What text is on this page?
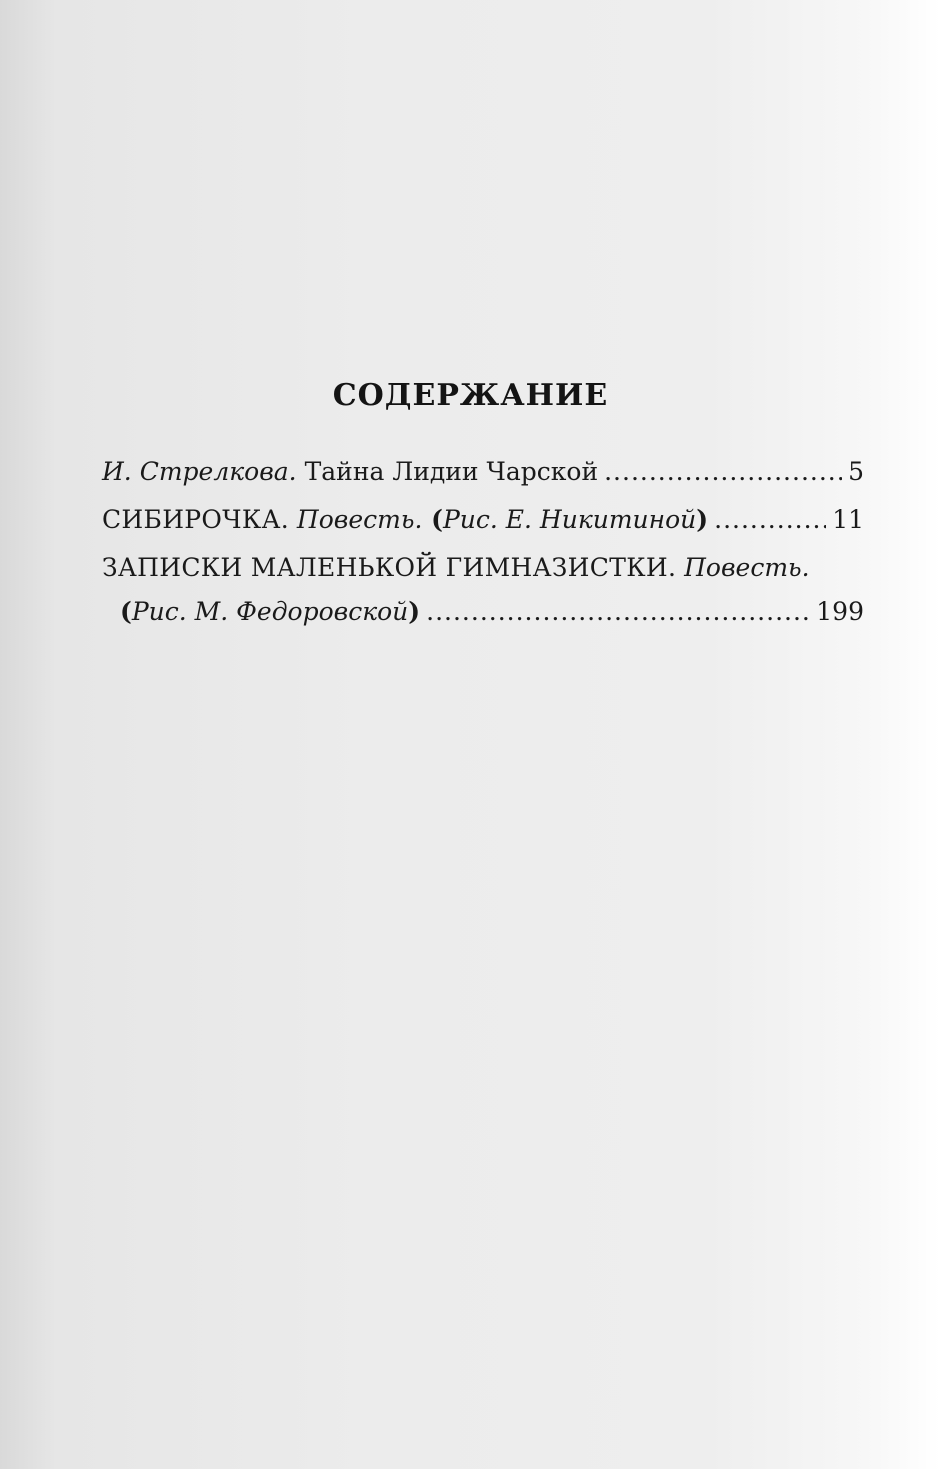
СОДЕРЖАНИЕ
И. Стрелкова. Тайна Лидии Чарской .....	5
СИБИРОЧКА. Повесть. (Рис. Е. Никитиной) .....	11
ЗАПИСКИ МАЛЕНЬКОЙ ГИМНАЗИСТКИ. Повесть.
(Рис. М. Федоровской) .....	199
